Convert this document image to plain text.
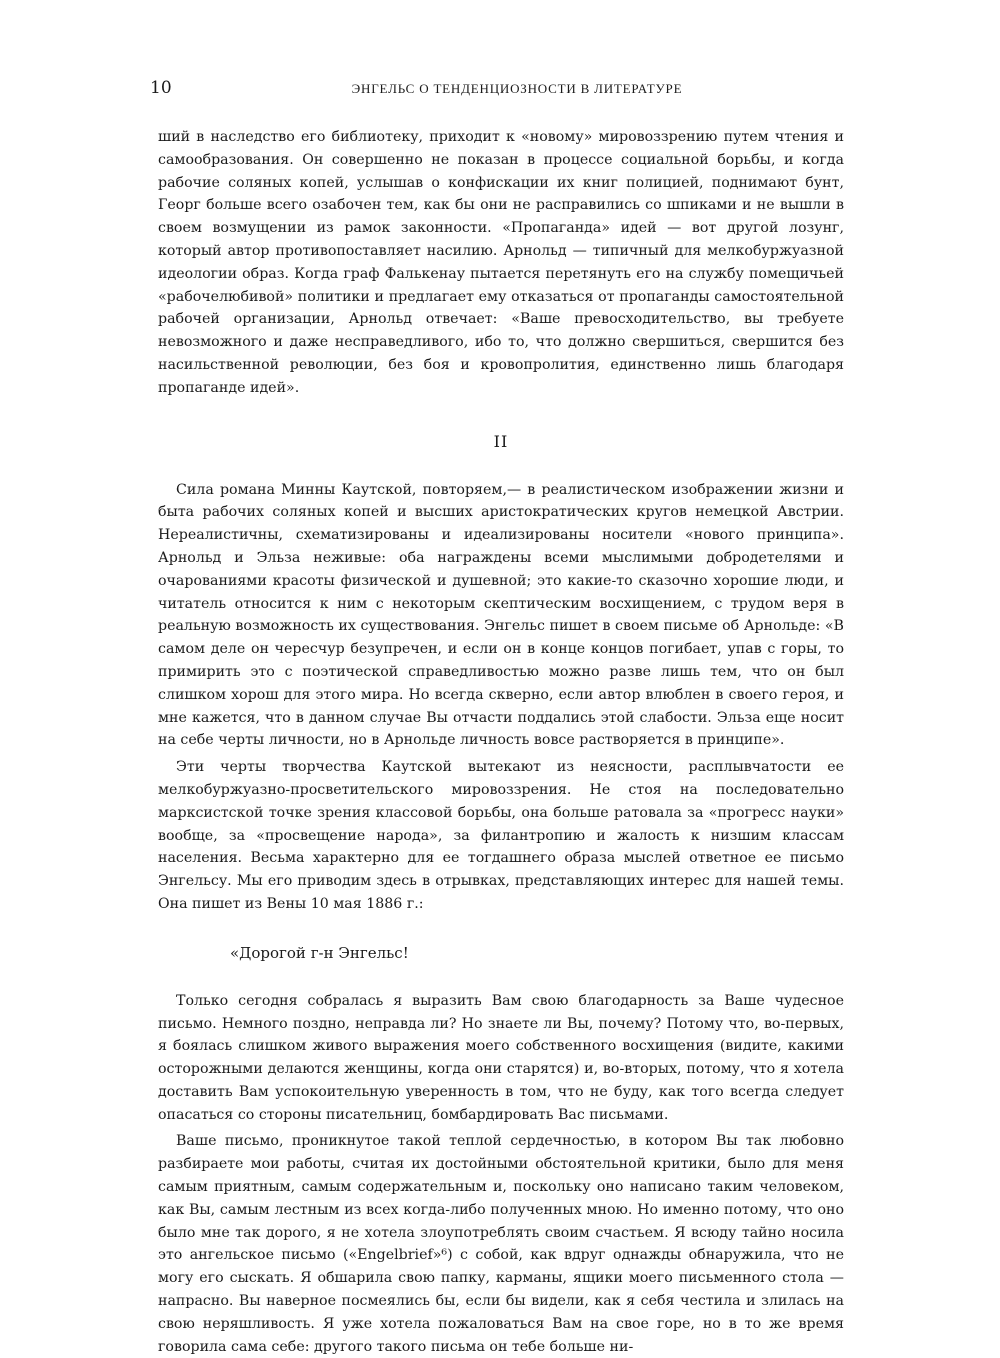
10	ЭНГЕЛЬС О ТЕНДЕНЦИОЗНОСТИ В ЛИТЕРАТУРЕ

ший в наследство его библиотеку, приходит к «новому» мировоззрению путем чтения и самообразования. Он совершенно не показан в процессе социальной борьбы, и когда рабочие соляных копей, услышав о конфискации их книг полицией, поднимают бунт, Георг больше всего озабочен тем, как бы они не расправились со шпиками и не вышли в своем возмущении из рамок законности. «Пропаганда» идей — вот другой лозунг, который автор противопоставляет насилию. Арнольд — типичный для мелкобуржуазной идеологии образ. Когда граф Фалькенау пытается перетянуть его на службу помещичьей «рабочелюбивой» политики и предлагает ему отказаться от пропаганды самостоятельной рабочей организации, Арнольд отвечает: «Ваше превосходительство, вы требуете невозможного и даже несправедливого, ибо то, что должно свершиться, свершится без насильственной революции, без боя и кровопролития, единственно лишь благодаря пропаганде идей».

II

Сила романа Минны Каутской, повторяем,— в реалистическом изображении жизни и быта рабочих соляных копей и высших аристократических кругов немецкой Австрии. Нереалистичны, схематизированы и идеализированы носители «нового принципа». Арнольд и Эльза неживые: оба награждены всеми мыслимыми добродетелями и очарованиями красоты физической и душевной; это какие-то сказочно хорошие люди, и читатель относится к ним с некоторым скептическим восхищением, с трудом веря в реальную возможность их существования. Энгельс пишет в своем письме об Арнольде: «В самом деле он чересчур безупречен, и если он в конце концов погибает, упав с горы, то примирить это с поэтической справедливостью можно разве лишь тем, что он был слишком хорош для этого мира. Но всегда скверно, если автор влюблен в своего героя, и мне кажется, что в данном случае Вы отчасти поддались этой слабости. Эльза еще носит на себе черты личности, но в Арнольде личность вовсе растворяется в принципе».

Эти черты творчества Каутской вытекают из неясности, расплывчатости ее мелкобуржуазно-просветительского мировоззрения. Не стоя на последовательно марксистской точке зрения классовой борьбы, она больше ратовала за «прогресс науки» вообще, за «просвещение народа», за филантропию и жалость к низшим классам населения. Весьма характерно для ее тогдашнего образа мыслей ответное ее письмо Энгельсу. Мы его приводим здесь в отрывках, представляющих интерес для нашей темы. Она пишет из Вены 10 мая 1886 г.:

«Дорогой г-н Энгельс!

Только сегодня собралась я выразить Вам свою благодарность за Ваше чудесное письмо. Немного поздно, неправда ли? Но знаете ли Вы, почему? Потому что, во-первых, я боялась слишком живого выражения моего собственного восхищения (видите, какими осторожными делаются женщины, когда они старятся) и, во-вторых, потому, что я хотела доставить Вам успокоительную уверенность в том, что не буду, как того всегда следует опасаться со стороны писательниц, бомбардировать Вас письмами.

Ваше письмо, проникнутое такой теплой сердечностью, в котором Вы так любовно разбираете мои работы, считая их достойными обстоятельной критики, было для меня самым приятным, самым содержательным и, поскольку оно написано таким человеком, как Вы, самым лестным из всех когда-либо полученных мною. Но именно потому, что оно было мне так дорого, я не хотела злоупотреблять своим счастьем. Я всюду тайно носила это ангельское письмо («Engelbrief»⁶) с собой, как вдруг однажды обнаружила, что не могу его сыскать. Я обшарила свою папку, карманы, ящики моего письменного стола — напрасно. Вы наверное посмеялись бы, если бы видели, как я себя честила и злилась на свою неряшливость. Я уже хотела пожаловаться Вам на свое горе, но в то же время говорила сама себе: другого такого письма он тебе больше ни-
